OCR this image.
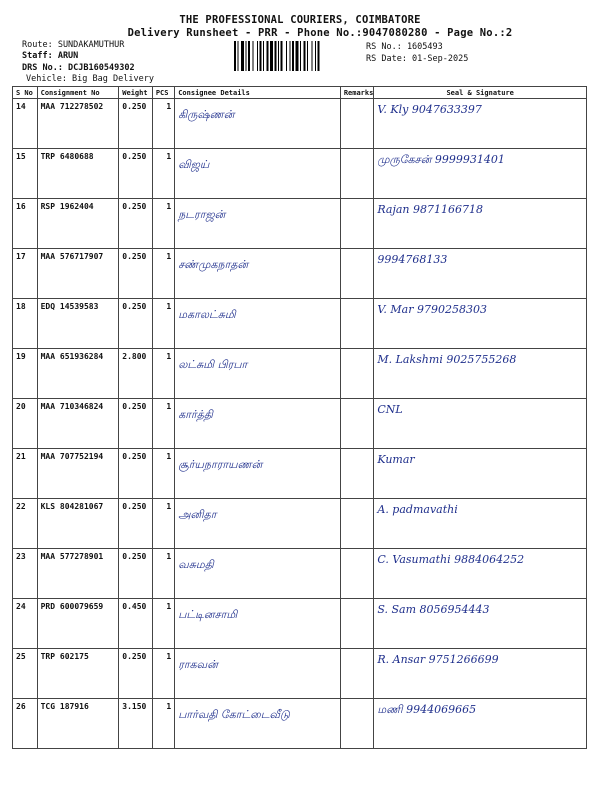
THE PROFESSIONAL COURIERS, COIMBATORE
Delivery Runsheet - PRR - Phone No.:9047080280 - Page No.:2
Route: SUNDAKAMUTHUR
Staff: ARUN
DRS No.: DCJB160549302
Vehicle: Big Bag Delivery
RS No.: 1605493
RS Date: 01-Sep-2025
S No	Consignment No	Weight	PCS	Consignee Details	Remarks	Seal & Signature
14	MAA 712278502	0.250	1	கிருஷ்ணன்		V. Kly 9047633397
15	TRP 6480688	0.250	1	விஜய்		முருகேசன் 9999931401
16	RSP 1962404	0.250	1	நடராஜன்		Rajan 9871166718
17	MAA 576717907	0.250	1	சண்முகநாதன்		9994768133
18	EDQ 14539583	0.250	1	மகாலட்சுமி		V. Mar 9790258303
19	MAA 651936284	2.800	1	லட்சுமி பிரபா		M. Lakshmi 9025755268
20	MAA 710346824	0.250	1	கார்த்தி		CNL
21	MAA 707752194	0.250	1	சூர்யநாராயணன்		Kumar
22	KLS 804281067	0.250	1	அனிதா		A. padmavathi
23	MAA 577278901	0.250	1	வசுமதி		C. Vasumathi 9884064252
24	PRD 600079659	0.450	1	பட்டினசாமி		S. Sam 8056954443
25	TRP 602175	0.250	1	ராகவன்		R. Ansar 9751266699
26	TCG 187916	3.150	1	பார்வதி கோட்டைவீடு		மணி 9944069665
